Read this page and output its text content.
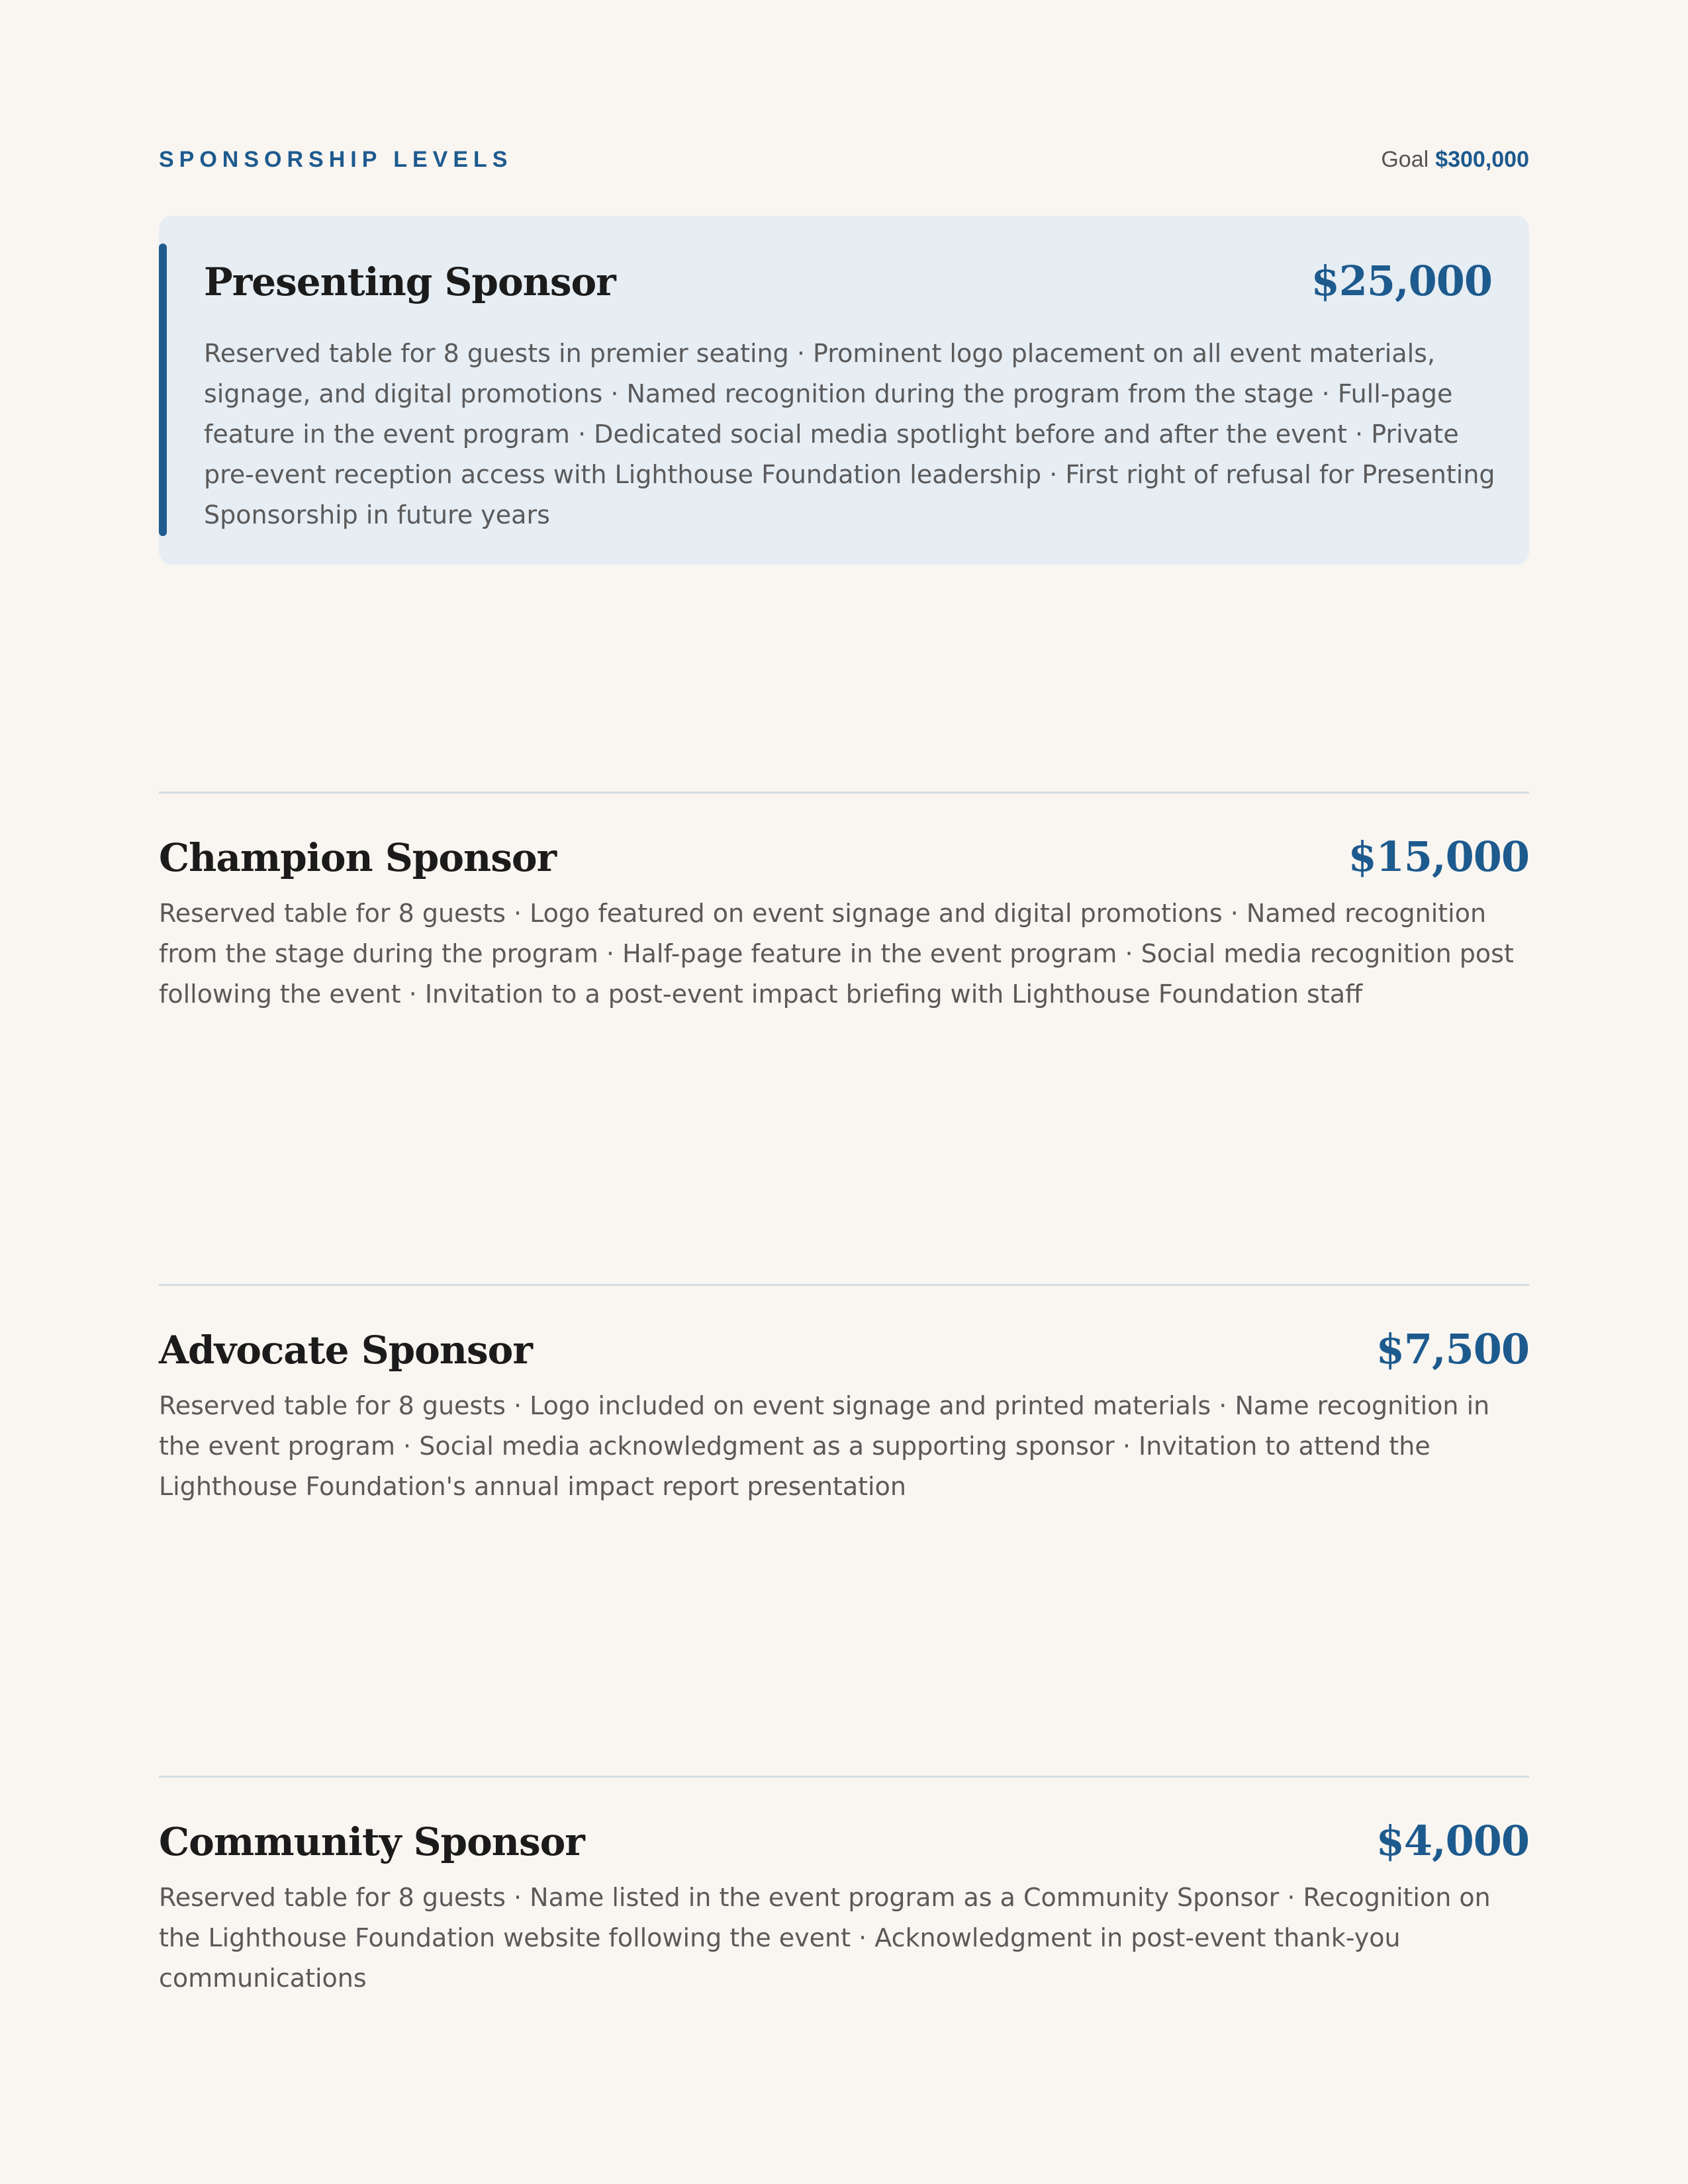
SPONSORSHIP LEVELS	Goal $300,000
Presenting Sponsor	$25,000

Reserved table for 8 guests in premier seating · Prominent logo placement on all event materials, signage, and digital promotions · Named recognition during the program from the stage · Full-page feature in the event program · Dedicated social media spotlight before and after the event · Private pre-event reception access with Lighthouse Foundation leadership · First right of refusal for Presenting Sponsorship in future years

Champion Sponsor	$15,000

Reserved table for 8 guests · Logo featured on event signage and digital promotions · Named recognition from the stage during the program · Half-page feature in the event program · Social media recognition post following the event · Invitation to a post-event impact briefing with Lighthouse Foundation staff

Advocate Sponsor	$7,500

Reserved table for 8 guests · Logo included on event signage and printed materials · Name recognition in the event program · Social media acknowledgment as a supporting sponsor · Invitation to attend the Lighthouse Foundation's annual impact report presentation

Community Sponsor	$4,000

Reserved table for 8 guests · Name listed in the event program as a Community Sponsor · Recognition on the Lighthouse Foundation website following the event · Acknowledgment in post-event thank-you communications
